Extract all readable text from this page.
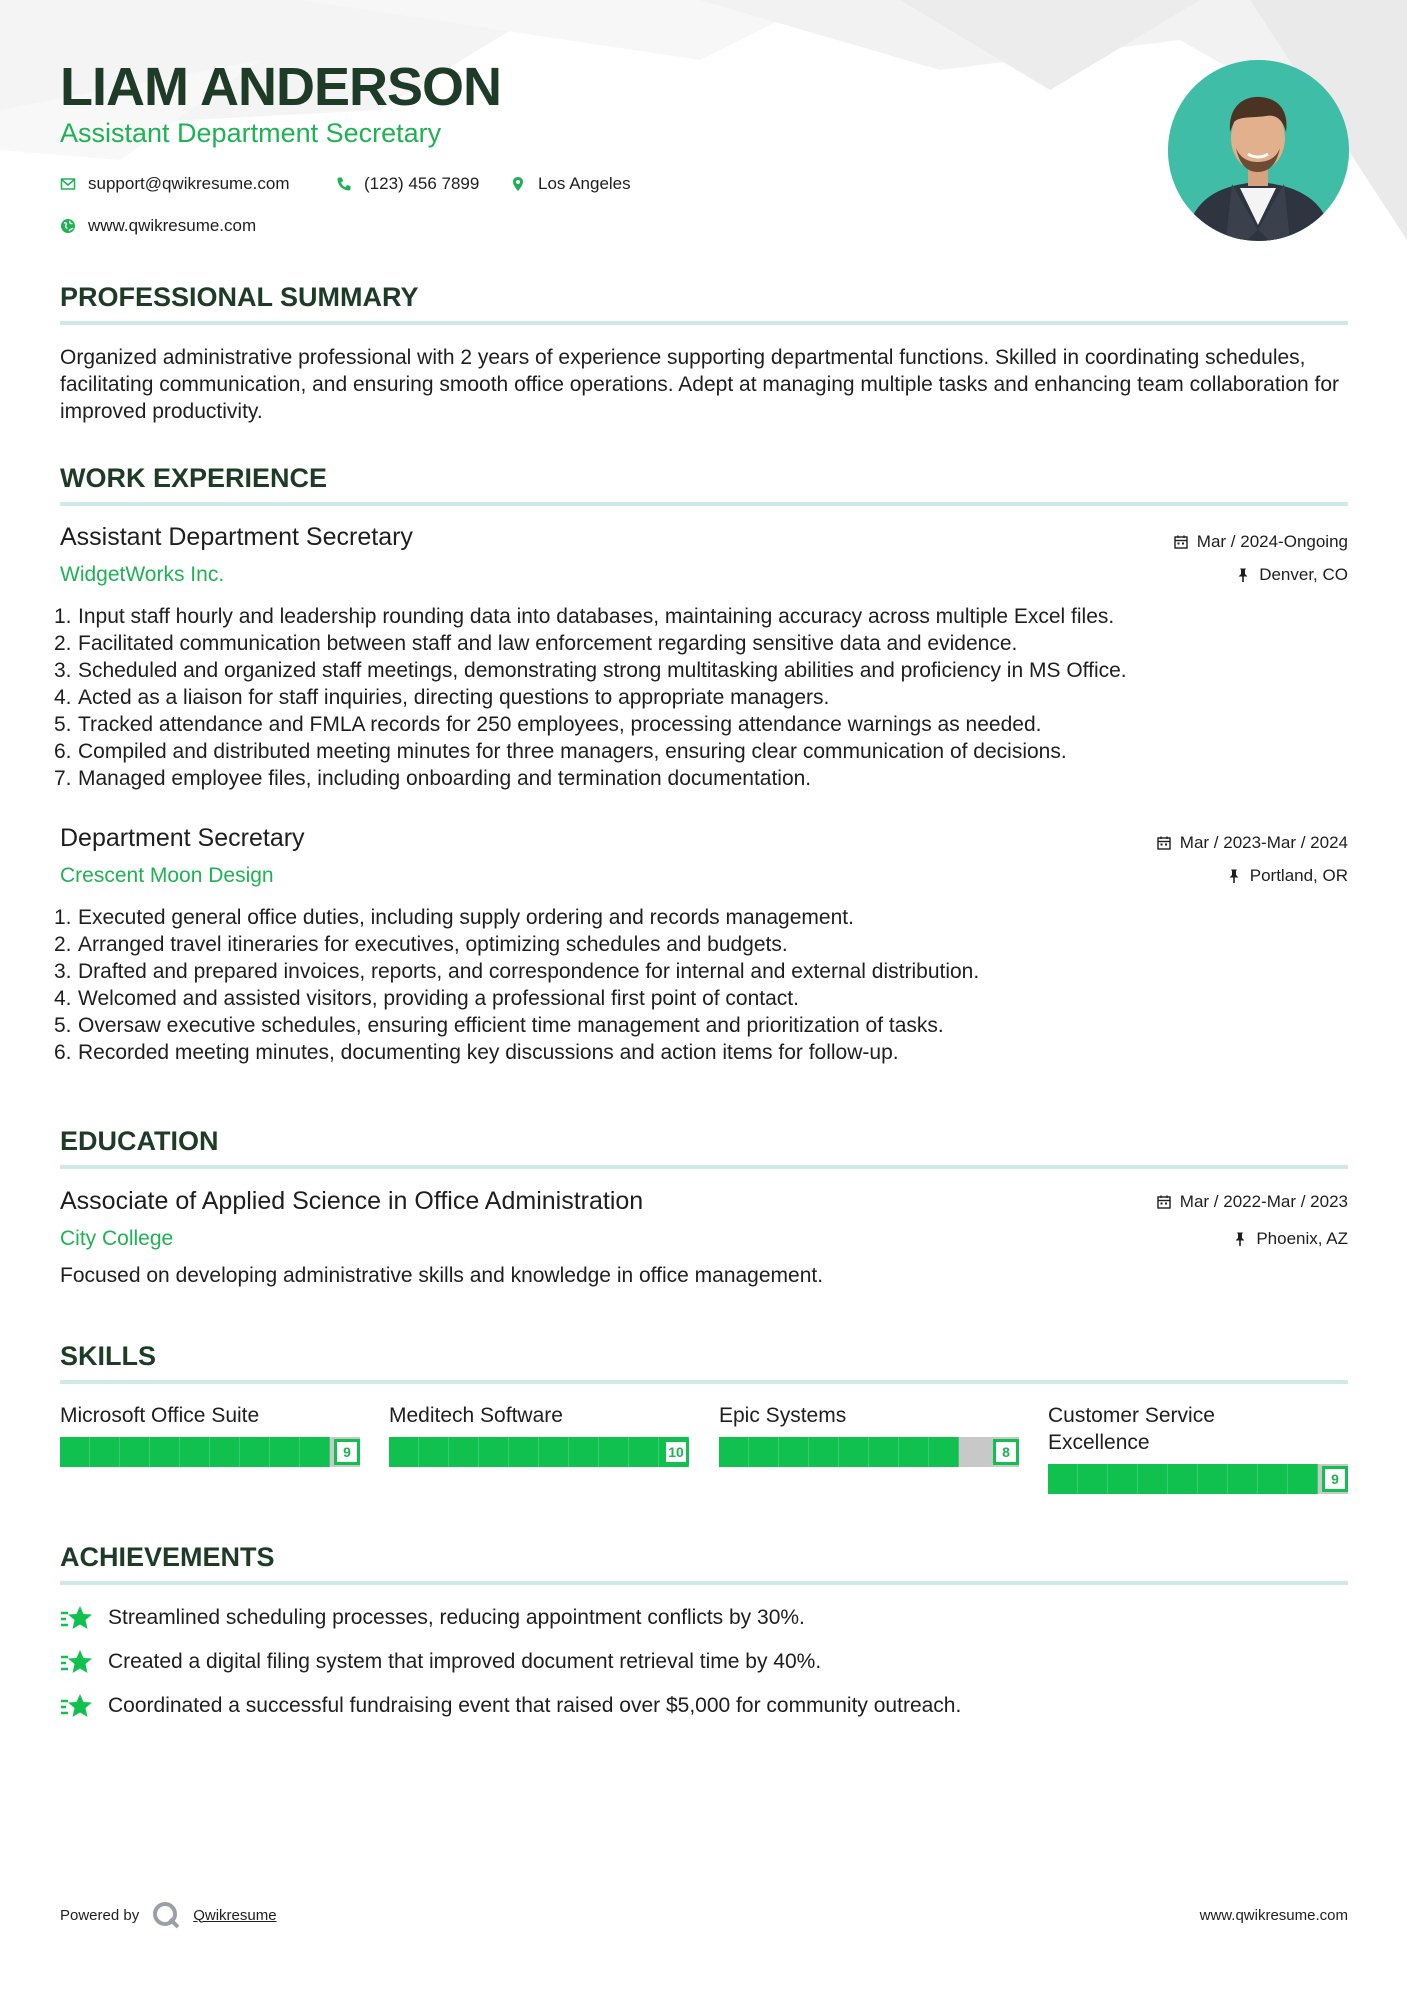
LIAM ANDERSON
Assistant Department Secretary
support@qwikresume.com	(123) 456 7899	Los Angeles
www.qwikresume.com
PROFESSIONAL SUMMARY
Organized administrative professional with 2 years of experience supporting departmental functions. Skilled in coordinating schedules, facilitating communication, and ensuring smooth office operations. Adept at managing multiple tasks and enhancing team collaboration for improved productivity.
WORK EXPERIENCE
Assistant Department Secretary	Mar / 2024-Ongoing
WidgetWorks Inc.	Denver, CO
1. Input staff hourly and leadership rounding data into databases, maintaining accuracy across multiple Excel files.
2. Facilitated communication between staff and law enforcement regarding sensitive data and evidence.
3. Scheduled and organized staff meetings, demonstrating strong multitasking abilities and proficiency in MS Office.
4. Acted as a liaison for staff inquiries, directing questions to appropriate managers.
5. Tracked attendance and FMLA records for 250 employees, processing attendance warnings as needed.
6. Compiled and distributed meeting minutes for three managers, ensuring clear communication of decisions.
7. Managed employee files, including onboarding and termination documentation.
Department Secretary	Mar / 2023-Mar / 2024
Crescent Moon Design	Portland, OR
1. Executed general office duties, including supply ordering and records management.
2. Arranged travel itineraries for executives, optimizing schedules and budgets.
3. Drafted and prepared invoices, reports, and correspondence for internal and external distribution.
4. Welcomed and assisted visitors, providing a professional first point of contact.
5. Oversaw executive schedules, ensuring efficient time management and prioritization of tasks.
6. Recorded meeting minutes, documenting key discussions and action items for follow-up.
EDUCATION
Associate of Applied Science in Office Administration	Mar / 2022-Mar / 2023
City College	Phoenix, AZ
Focused on developing administrative skills and knowledge in office management.
SKILLS
Microsoft Office Suite
9
Meditech Software
10
Epic Systems
8
Customer Service Excellence
9
ACHIEVEMENTS
Streamlined scheduling processes, reducing appointment conflicts by 30%.
Created a digital filing system that improved document retrieval time by 40%.
Coordinated a successful fundraising event that raised over $5,000 for community outreach.
Powered by	Qwikresume	www.qwikresume.com
